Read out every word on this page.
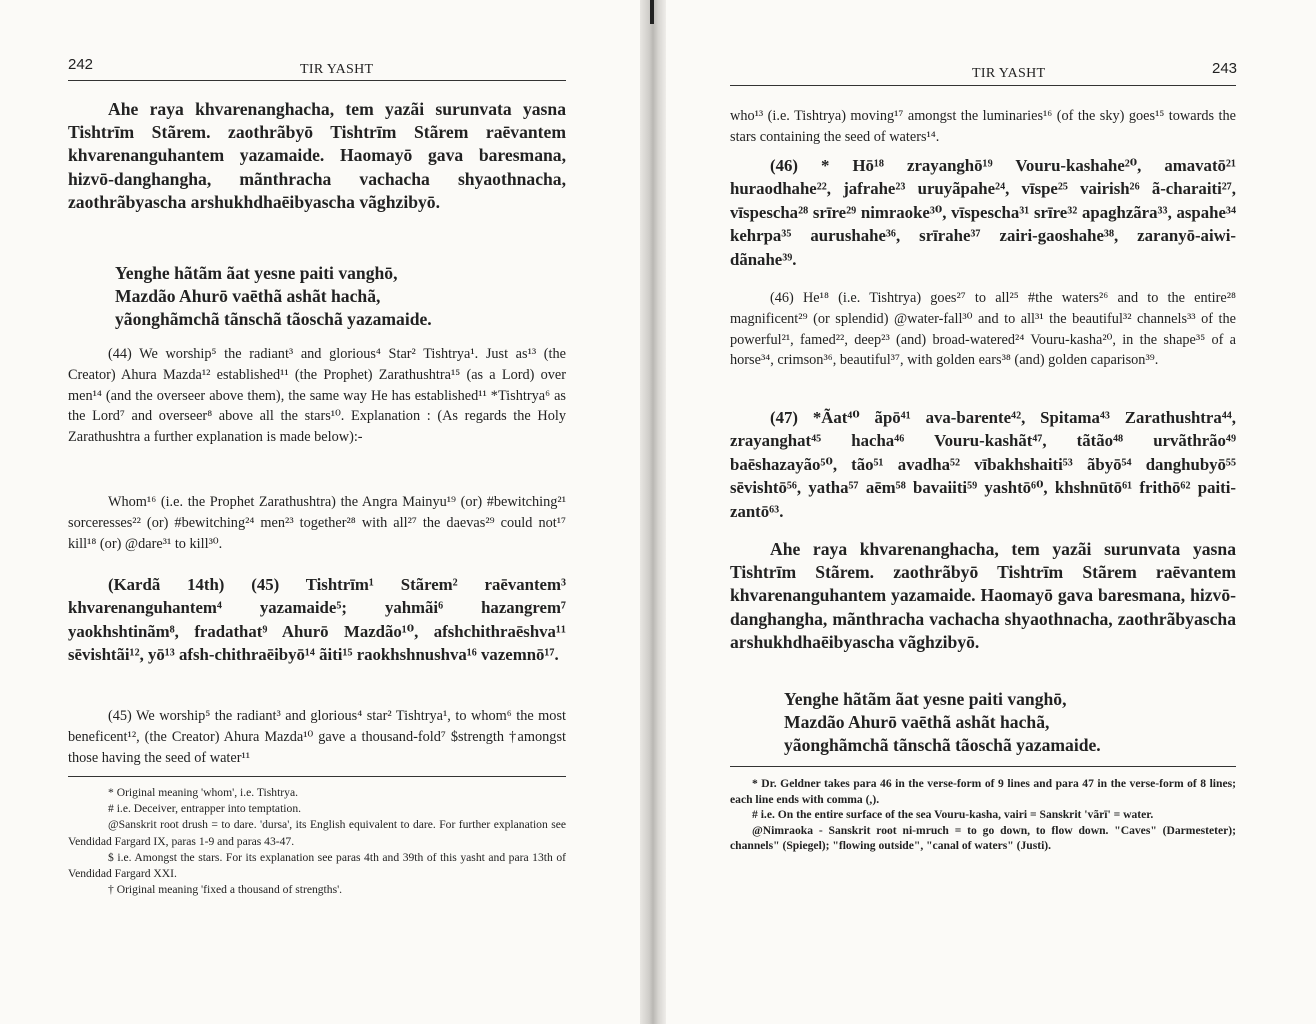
242	TIR YASHT

Ahe raya khvarenanghacha, tem yazãi surunvata yasna Tishtrīm Stãrem. zaothrãbyō Tishtrīm Stãrem raēvantem khvarenanguhantem yazamaide. Haomayō gava baresmana, hizvō-danghangha, mãnthracha vachacha shyaothnacha, zaothrãbyascha arshukhdhaēibyascha vãghzibyō.

Yenghe hãtãm ãat yesne paiti vanghō,
Mazdão Ahurō vaēthã ashãt hachã,
yãonghãmchã tãnschã tãoschã yazamaide.

(44) We worship⁵ the radiant³ and glorious⁴ Star² Tishtrya¹. Just as¹³ (the Creator) Ahura Mazda¹² established¹¹ (the Prophet) Zarathushtra¹⁵ (as a Lord) over men¹⁴ (and the overseer above them), the same way He has established¹¹ *Tishtrya⁶ as the Lord⁷ and overseer⁸ above all the stars¹⁰. Explanation : (As regards the Holy Zarathushtra a further explanation is made below):-

Whom¹⁶ (i.e. the Prophet Zarathushtra) the Angra Mainyu¹⁹ (or) #bewitching²¹ sorceresses²² (or) #bewitching²⁴ men²³ together²⁸ with all²⁷ the daevas²⁹ could not¹⁷ kill¹⁸ (or) @dare³¹ to kill³⁰.

(Kardã 14th) (45) Tishtrīm¹ Stãrem² raēvantem³ khvarenanguhantem⁴ yazamaide⁵; yahmãi⁶ hazangrem⁷ yaokhshtinãm⁸, fradathat⁹ Ahurō Mazdão¹⁰, afshchithraēshva¹¹ sēvishtãi¹², yō¹³ afsh-chithraēibyō¹⁴ ãiti¹⁵ raokhshnushva¹⁶ vazemnō¹⁷.

(45) We worship⁵ the radiant³ and glorious⁴ star² Tishtrya¹, to whom⁶ the most beneficent¹², (the Creator) Ahura Mazda¹⁰ gave a thousand-fold⁷ $strength †amongst those having the seed of water¹¹

* Original meaning 'whom', i.e. Tishtrya.
# i.e. Deceiver, entrapper into temptation.
@Sanskrit root drush = to dare. 'dursa', its English equivalent to dare. For further explanation see Vendidad Fargard IX, paras 1-9 and paras 43-47.
$ i.e. Amongst the stars. For its explanation see paras 4th and 39th of this yasht and para 13th of Vendidad Fargard XXI.
† Original meaning 'fixed a thousand of strengths'.
TIR YASHT	243

who¹³ (i.e. Tishtrya) moving¹⁷ amongst the luminaries¹⁶ (of the sky) goes¹⁵ towards the stars containing the seed of waters¹⁴.

(46) * Hō¹⁸ zrayanghō¹⁹ Vouru-kashahe²⁰, amavatō²¹ huraodhahe²², jafrahe²³ uruyãpahe²⁴, vīspe²⁵ vairish²⁶ ã-charaiti²⁷, vīspescha²⁸ srīre²⁹ nimraoke³⁰, vīspescha³¹ srīre³² apaghzãra³³, aspahe³⁴ kehrpa³⁵ aurushahe³⁶, srīrahe³⁷ zairi-gaoshahe³⁸, zaranyō-aiwi-dãnahe³⁹.

(46) He¹⁸ (i.e. Tishtrya) goes²⁷ to all²⁵ #the waters²⁶ and to the entire²⁸ magnificent²⁹ (or splendid) @water-fall³⁰ and to all³¹ the beautiful³² channels³³ of the powerful²¹, famed²², deep²³ (and) broad-watered²⁴ Vouru-kasha²⁰, in the shape³⁵ of a horse³⁴, crimson³⁶, beautiful³⁷, with golden ears³⁸ (and) golden caparison³⁹.

(47) *Ãat⁴⁰ ãpō⁴¹ ava-barente⁴², Spitama⁴³ Zarathushtra⁴⁴, zrayanghat⁴⁵ hacha⁴⁶ Vouru-kashãt⁴⁷, tãtão⁴⁸ urvãthrão⁴⁹ baēshazayão⁵⁰, tão⁵¹ avadha⁵² vībakhshaiti⁵³ ãbyō⁵⁴ danghubyō⁵⁵ sēvishtō⁵⁶, yatha⁵⁷ aēm⁵⁸ bavaiiti⁵⁹ yashtō⁶⁰, khshnūtō⁶¹ frithō⁶² paiti-zantō⁶³.

Ahe raya khvarenanghacha, tem yazãi surunvata yasna Tishtrīm Stãrem. zaothrãbyō Tishtrīm Stãrem raēvantem khvarenanguhantem yazamaide. Haomayō gava baresmana, hizvō-danghangha, mãnthracha vachacha shyaothnacha, zaothrãbyascha arshukhdhaēibyascha vãghzibyō.

Yenghe hãtãm ãat yesne paiti vanghō,
Mazdão Ahurō vaēthã ashãt hachã,
yãonghãmchã tãnschã tãoschã yazamaide.
* Dr. Geldner takes para 46 in the verse-form of 9 lines and para 47 in the verse-form of 8 lines; each line ends with comma (,).
# i.e. On the entire surface of the sea Vouru-kasha, vairi = Sanskrit 'vãrī' = water.
@Nimraoka - Sanskrit root ni-mruch = to go down, to flow down. "Caves" (Darmesteter); channels" (Spiegel); "flowing outside", "canal of waters" (Justi).
